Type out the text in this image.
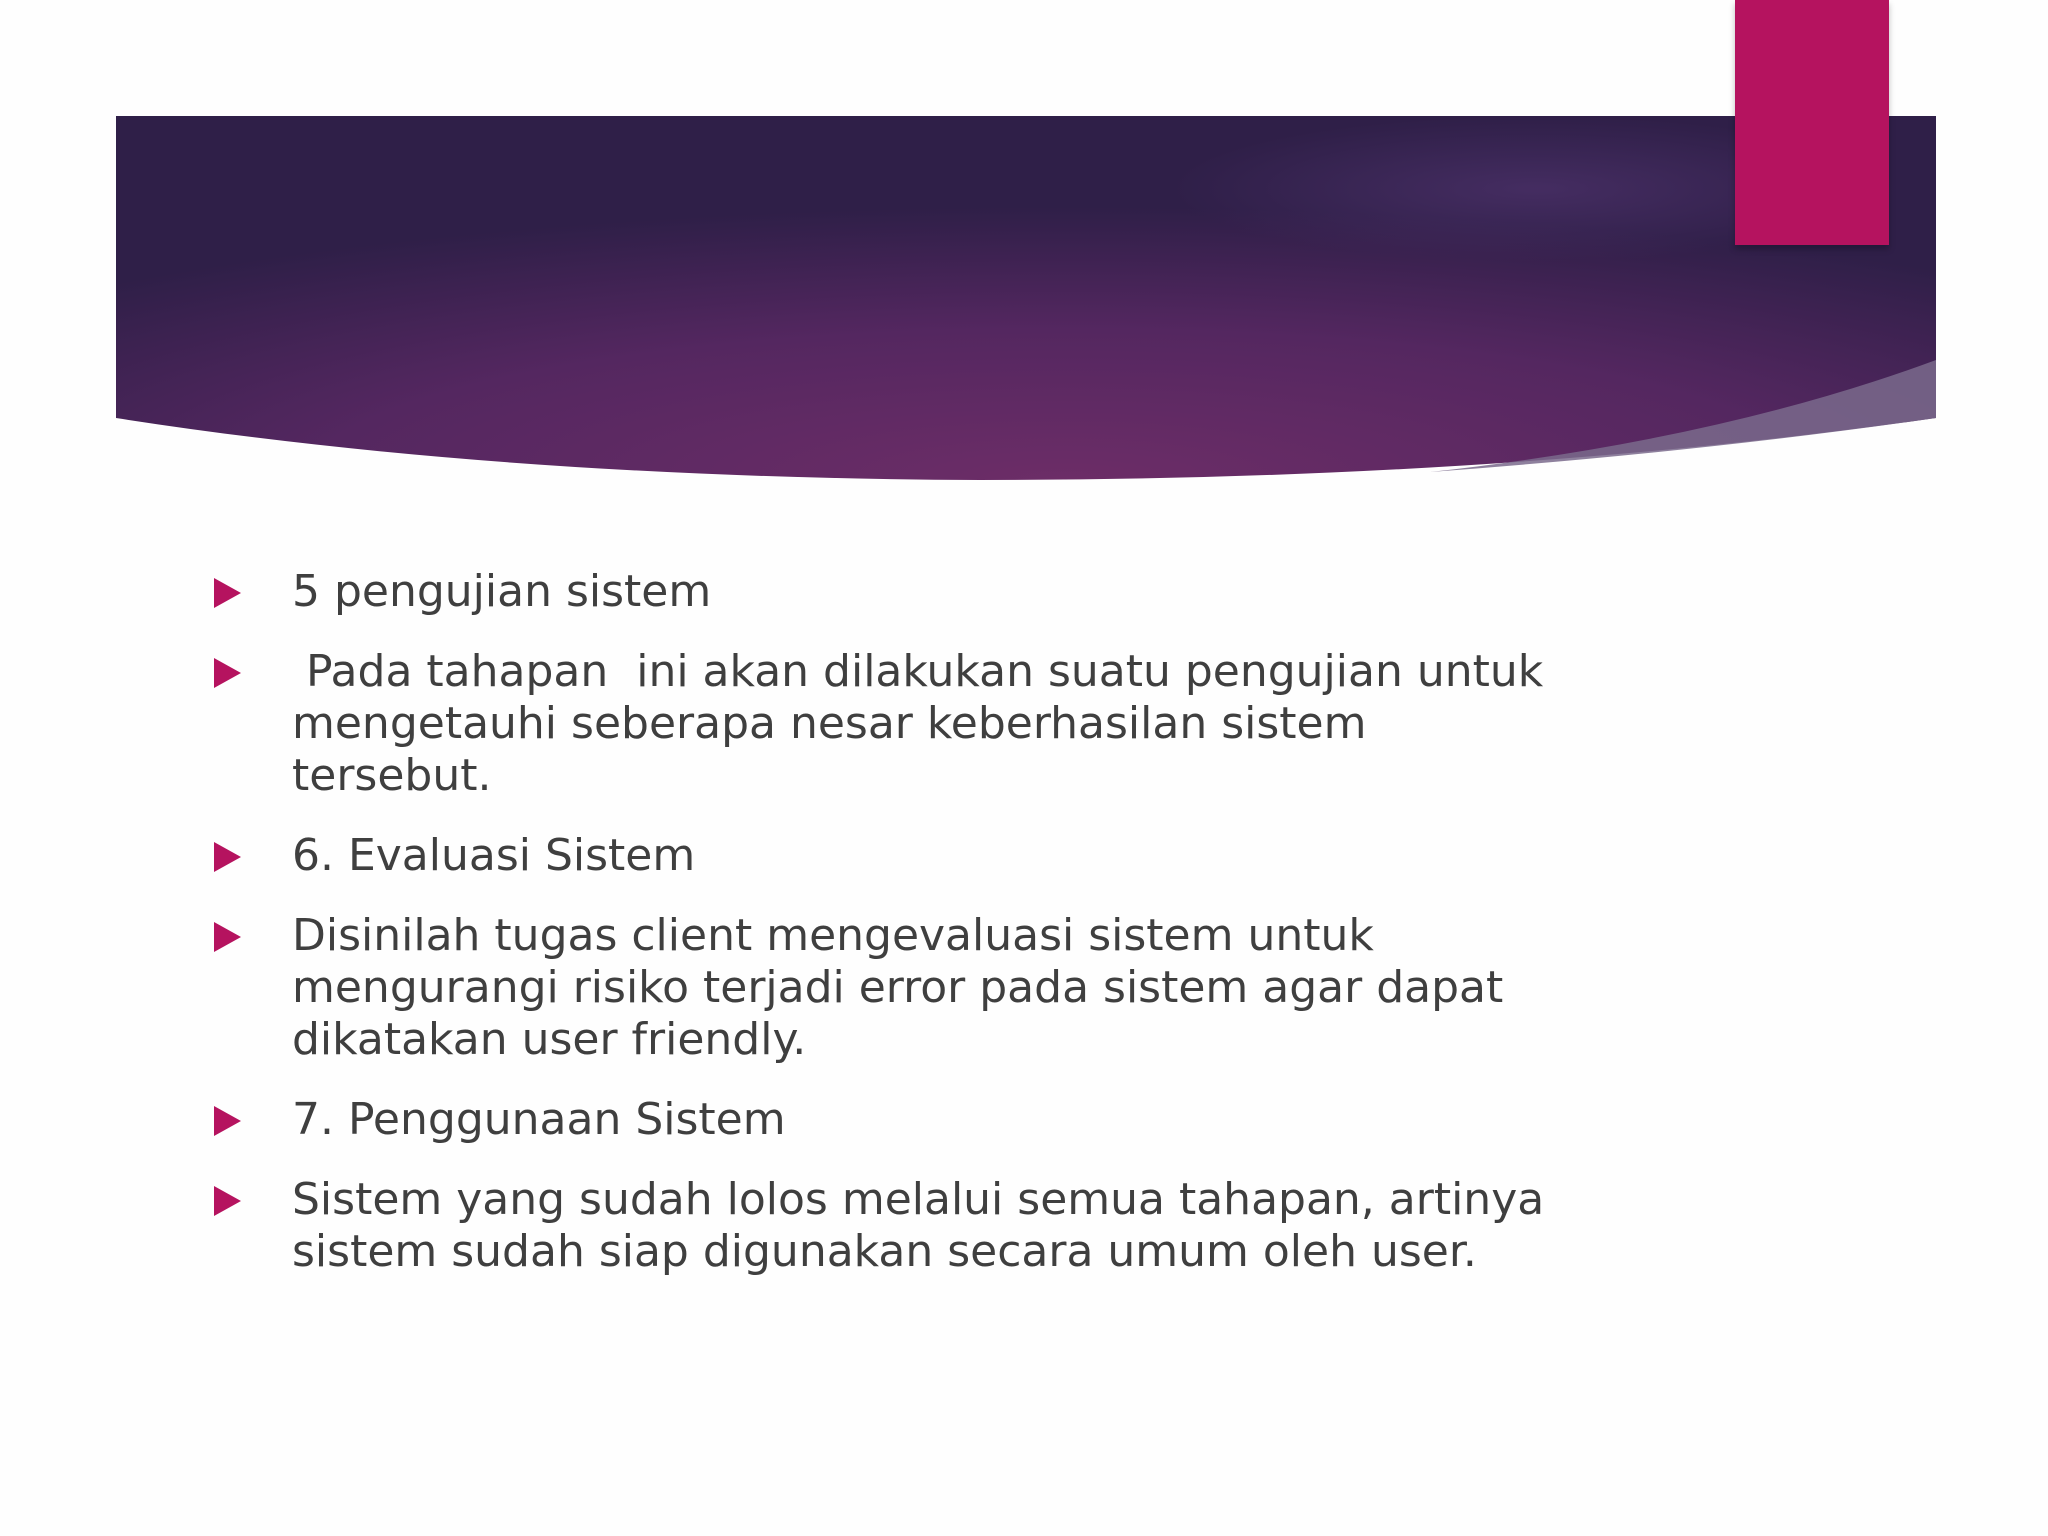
5 pengujian sistem
Pada tahapan  ini akan dilakukan suatu pengujian untuk mengetauhi seberapa nesar keberhasilan sistem tersebut.
6. Evaluasi Sistem
Disinilah tugas client mengevaluasi sistem untuk mengurangi risiko terjadi error pada sistem agar dapat dikatakan user friendly.
7. Penggunaan Sistem
Sistem yang sudah lolos melalui semua tahapan, artinya sistem sudah siap digunakan secara umum oleh user.
